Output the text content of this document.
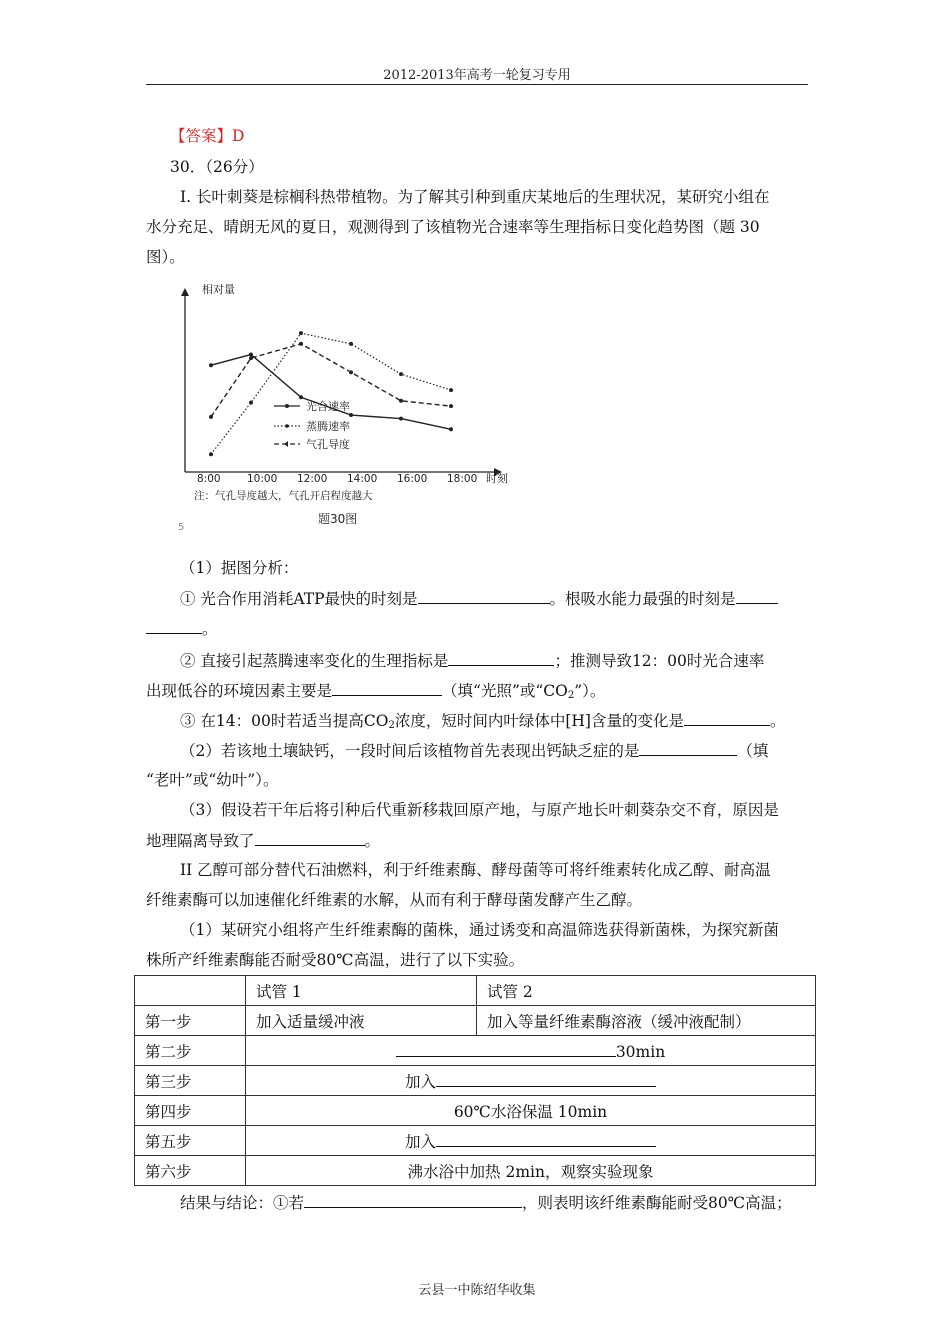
2012-2013年高考一轮复习专用
【答案】D
30．（26分）
Ⅰ. 长叶刺葵是棕榈科热带植物。为了解其引种到重庆某地后的生理状况，某研究小组在
水分充足、晴朗无风的夏日，观测得到了该植物光合速率等生理指标日变化趋势图（题 30
图）。
相对量
时刻
8:00	10:00 12:00 14:00 16:00 18:00
光合速率
蒸腾速率
气孔导度
注：气孔导度越大，气孔开启程度越大
题30图
5
（1）据图分析：
① 光合作用消耗ATP最快的时刻是	。根吸水能力最强的时刻是
。
② 直接引起蒸腾速率变化的生理指标是	；推测导致12：00时光合速率
出现低谷的环境因素主要是	（填“光照”或“$CO_2$”）。
③ 在14：00时若适当提高$CO_2$浓度，短时间内叶绿体中[H]含量的变化是	。
（2）若该地土壤缺钙，一段时间后该植物首先表现出钙缺乏症的是	（填
“老叶”或“幼叶”）。
（3）假设若干年后将引种后代重新移栽回原产地，与原产地长叶刺葵杂交不育，原因是
地理隔离导致了	。
II 乙醇可部分替代石油燃料，利于纤维素酶、酵母菌等可将纤维素转化成乙醇、耐高温
纤维素酶可以加速催化纤维素的水解，从而有利于酵母菌发酵产生乙醇。
（1）某研究小组将产生纤维素酶的菌株，通过诱变和高温筛选获得新菌株，为探究新菌
株所产纤维素酶能否耐受80℃高温，进行了以下实验。
	试管 1	试管 2
第一步	加入适量缓冲液	加入等量纤维素酶溶液（缓冲液配制）
第二步	30min	
第三步	加入	
第四步	60℃水浴保温 10min	
第五步	加入	
第六步	沸水浴中加热 2min，观察实验现象	
结果与结论：①若	，则表明该纤维素酶能耐受80℃高温；
云县一中陈绍华收集
